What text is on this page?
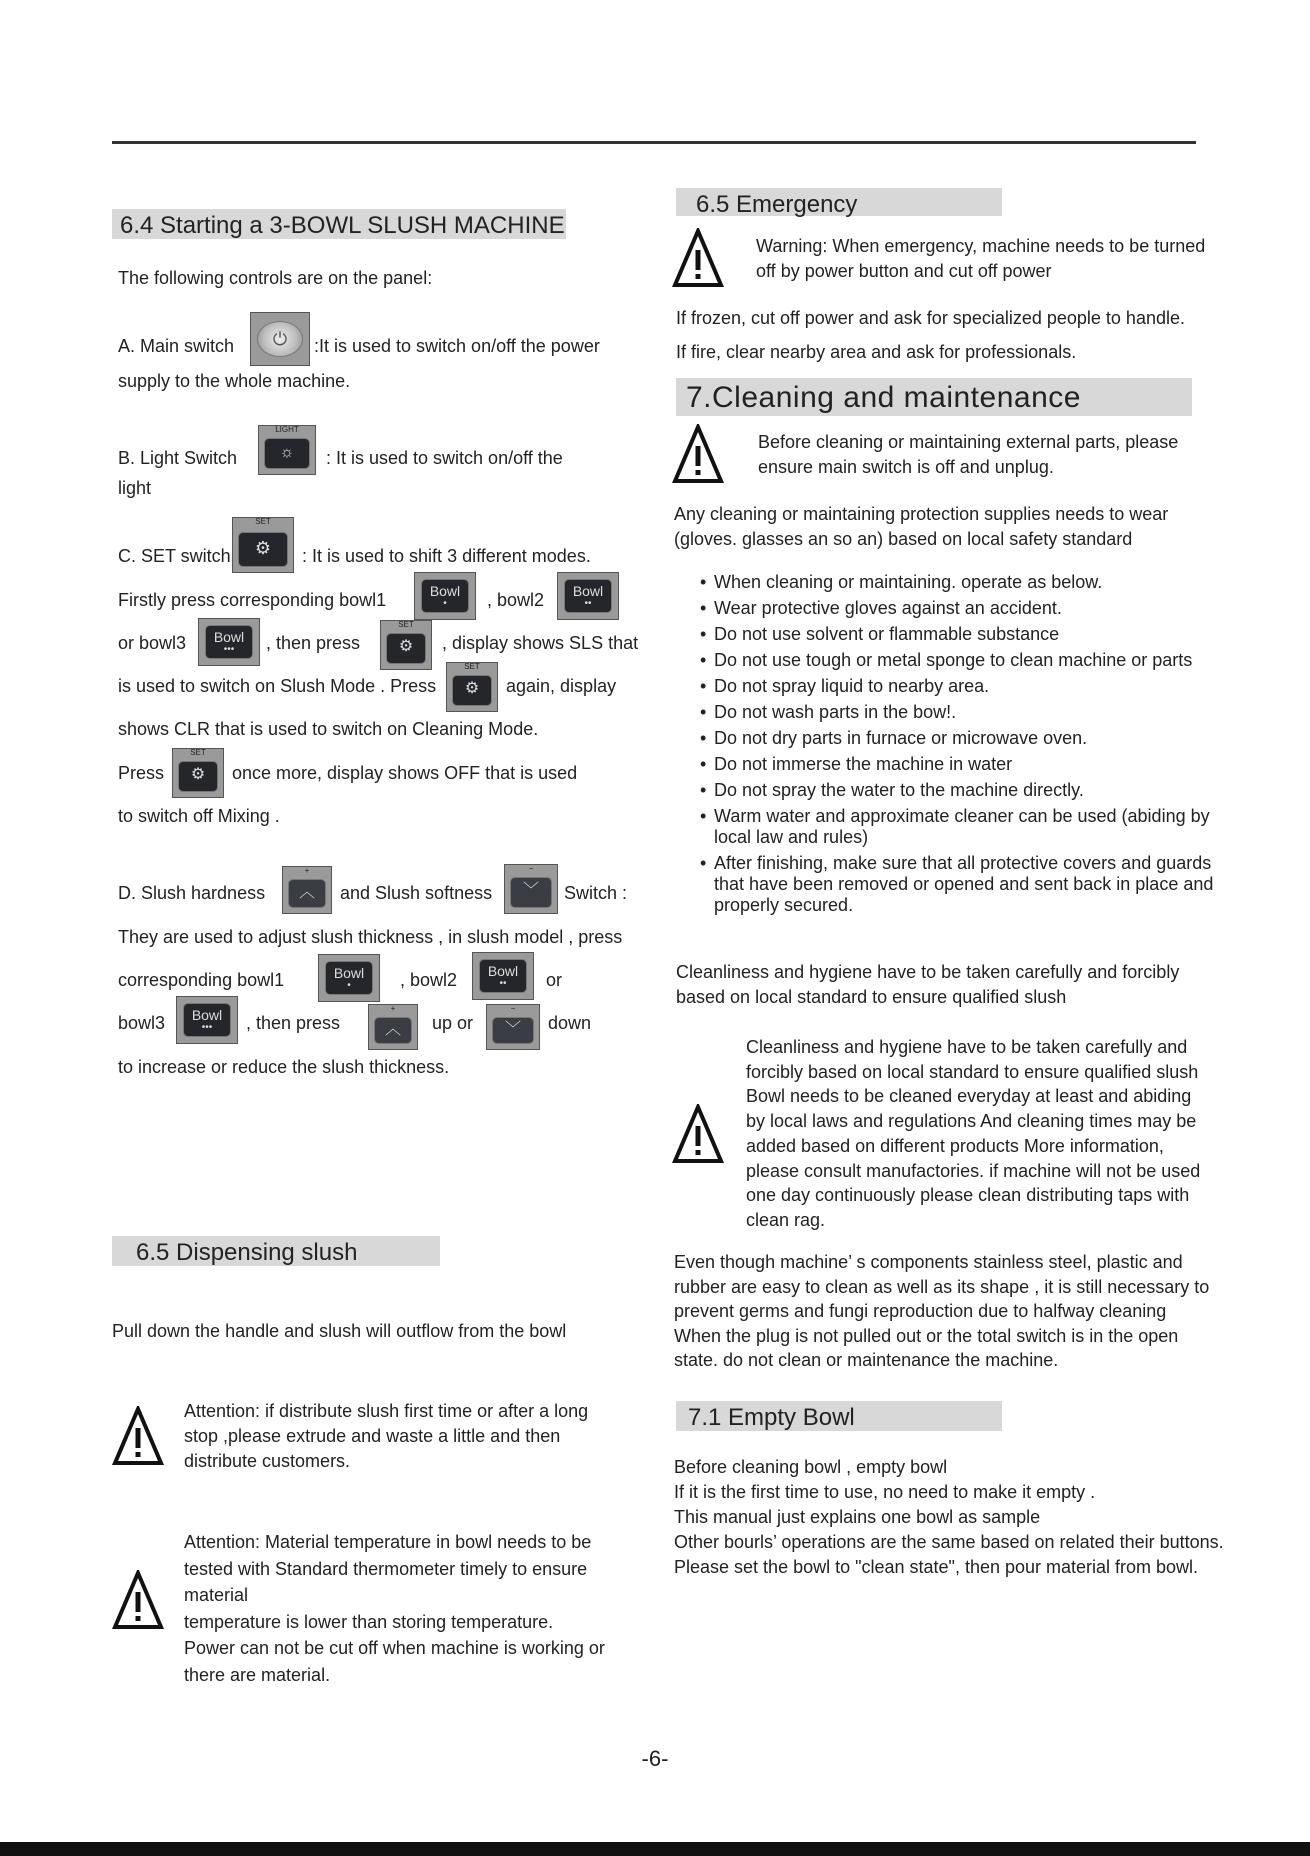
6.4 Starting a 3-BOWL SLUSH MACHINE
The following controls are on the panel:
A. Main switch	⏻	:It is used to switch on/off the power
supply to the whole machine.
B. Light Switch
LIGHT
☼	: It is used to switch on/off the
light
C. SET switch
SET
⚙	: It is used to shift 3 different modes.
Firstly press corresponding bowl1	Bowl
•	, bowl2	Bowl
••
or bowl3	Bowl
•••	, then press
SET
⚙	, display shows SLS that
is used to switch on Slush Mode . Press
SET
⚙	again, display
shows CLR that is used to switch on Cleaning Mode.
Press
SET
⚙	once more, display shows OFF that is used
to switch off Mixing .
D. Slush hardness
+
︿	and Slush softness
−
﹀	Switch :
They are used to adjust slush thickness , in slush model , press
corresponding bowl1	Bowl
•	, bowl2	Bowl
••	or
bowl3	Bowl
•••	, then press
+
︿	up or
−
﹀	down
to increase or reduce the slush thickness.
6.5 Dispensing slush
Pull down the handle and slush will outflow from the bowl
Attention: if distribute slush first time or after a long
stop ,please extrude and waste a little and then
distribute customers.
Attention: Material temperature in bowl needs to be
tested with Standard thermometer timely to ensure
material
temperature is lower than storing temperature.
Power can not be cut off when machine is working or
there are material.
6.5 Emergency
Warning: When emergency, machine needs to be turned
off by power button and cut off power
If frozen, cut off power and ask for specialized people to handle.
If fire, clear nearby area and ask for professionals.
7.Cleaning and maintenance
Before cleaning or maintaining external parts, please
ensure main switch is off and unplug.
Any cleaning or maintaining protection supplies needs to wear
(gloves. glasses an so an) based on local safety standard
• When cleaning or maintaining. operate as below.
• Wear protective gloves against an accident.
• Do not use solvent or flammable substance
• Do not use tough or metal sponge to clean machine or parts
• Do not spray liquid to nearby area.
• Do not wash parts in the bow!.
• Do not dry parts in furnace or microwave oven.
• Do not immerse the machine in water
• Do not spray the water to the machine directly.
• Warm water and approximate cleaner can be used (abiding by local law and rules)
• After finishing, make sure that all protective covers and guards that have been removed or opened and sent back in place and properly secured.
Cleanliness and hygiene have to be taken carefully and forcibly
based on local standard to ensure qualified slush
Cleanliness and hygiene have to be taken carefully and
forcibly based on local standard to ensure qualified slush
Bowl needs to be cleaned everyday at least and abiding
by local laws and regulations And cleaning times may be
added based on different products More information,
please consult manufactories. if machine will not be used
one day continuously please clean distributing taps with
clean rag.
Even though machine’ s components stainless steel, plastic and
rubber are easy to clean as well as its shape , it is still necessary to
prevent germs and fungi reproduction due to halfway cleaning
When the plug is not pulled out or the total switch is in the open
state. do not clean or maintenance the machine.
7.1 Empty Bowl
Before cleaning bowl , empty bowl
If it is the first time to use, no need to make it empty .
This manual just explains one bowl as sample
Other bourls’ operations are the same based on related their buttons.
Please set the bowl to "clean state", then pour material from bowl.
-6-
